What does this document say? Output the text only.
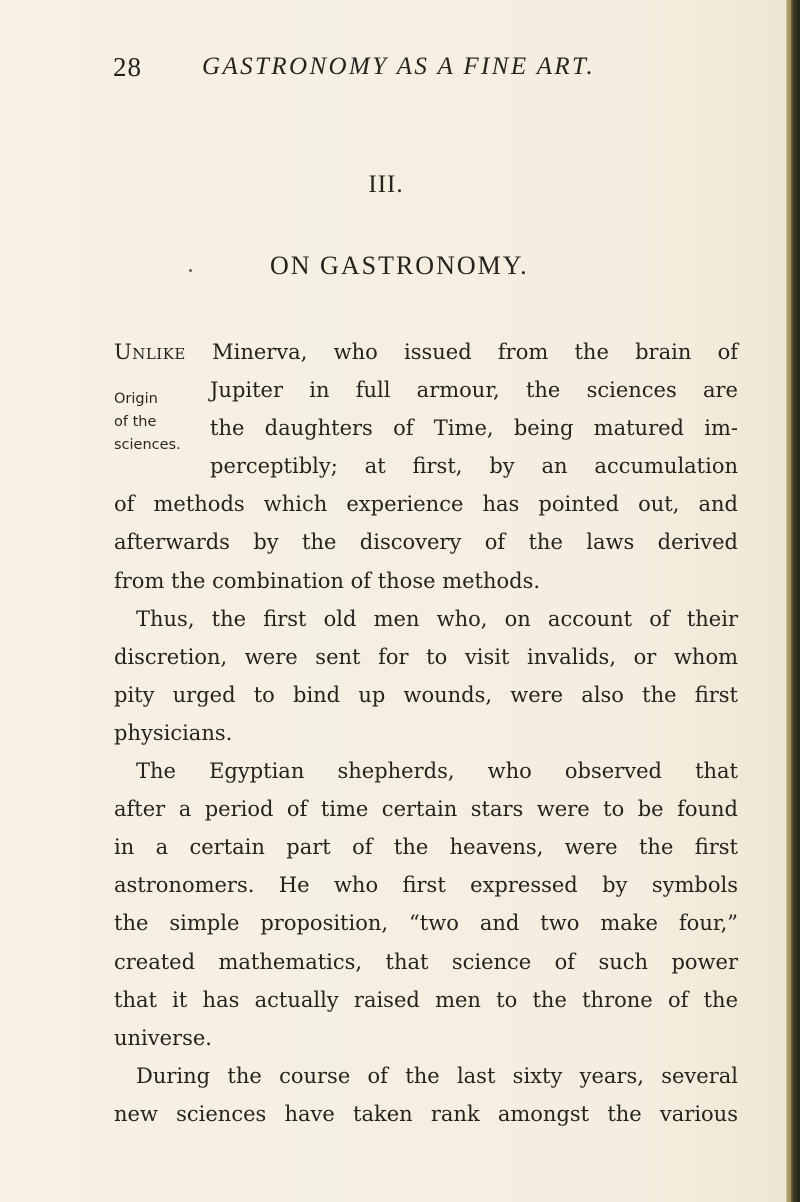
28 GASTRONOMY AS A FINE ART.
III.
ON GASTRONOMY.
Origin
of the
sciences.
Unlike Minerva, who issued from the brain of
Jupiter in full armour, the sciences are
the daughters of Time, being matured im-
perceptibly; at first, by an accumulation
of methods which experience has pointed out, and
afterwards by the discovery of the laws derived
from the combination of those methods.
Thus, the first old men who, on account of their
discretion, were sent for to visit invalids, or whom
pity urged to bind up wounds, were also the first
physicians.
The Egyptian shepherds, who observed that
after a period of time certain stars were to be found
in a certain part of the heavens, were the first
astronomers. He who first expressed by symbols
the simple proposition, “two and two make four,”
created mathematics, that science of such power
that it has actually raised men to the throne of the
universe.
During the course of the last sixty years, several
new sciences have taken rank amongst the various
